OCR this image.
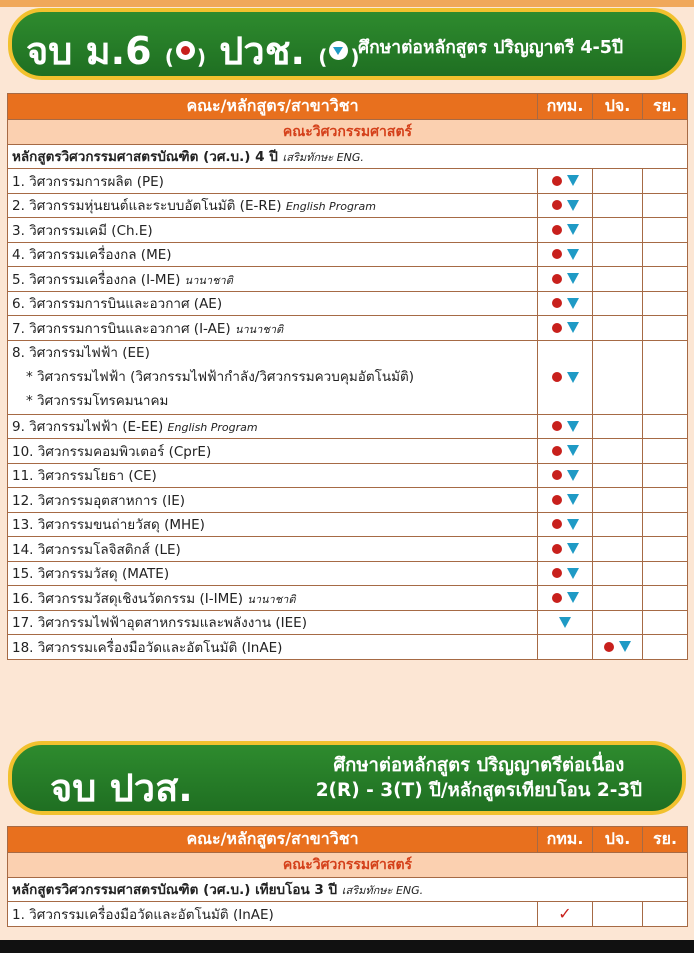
จบ ม.6 ( ) ปวช. ( )
ศึกษาต่อหลักสูตร ปริญญาตรี 4-5ปี
คณะ/หลักสูตร/สาขาวิชา	กทม.	ปจ.	รย.
คณะวิศวกรรมศาสตร์			
หลักสูตรวิศวกรรมศาสตรบัณฑิต (วศ.บ.) 4 ปี เสริมทักษะ ENG.			
1. วิศวกรรมการผลิต (PE)			
2. วิศวกรรมหุ่นยนต์และระบบอัตโนมัติ (E-RE) English Program			
3. วิศวกรรมเคมี (Ch.E)			
4. วิศวกรรมเครื่องกล (ME)			
5. วิศวกรรมเครื่องกล (I-ME) นานาชาติ			
6. วิศวกรรมการบินและอวกาศ (AE)			
7. วิศวกรรมการบินและอวกาศ (I-AE) นานาชาติ			

8. วิศวกรรมไฟฟ้า (EE)
* วิศวกรรมไฟฟ้า (วิศวกรรมไฟฟ้ากำลัง/วิศวกรรมควบคุมอัตโนมัติ)
* วิศวกรรมโทรคมนาคม			

9. วิศวกรรมไฟฟ้า (E-EE) English Program			
10. วิศวกรรมคอมพิวเตอร์ (CprE)			
11. วิศวกรรมโยธา (CE)			
12. วิศวกรรมอุตสาหการ (IE)			
13. วิศวกรรมขนถ่ายวัสดุ (MHE)			
14. วิศวกรรมโลจิสติกส์ (LE)			
15. วิศวกรรมวัสดุ (MATE)			
16. วิศวกรรมวัสดุเชิงนวัตกรรม (I-IME) นานาชาติ			
17. วิศวกรรมไฟฟ้าอุตสาหกรรมและพลังงาน (IEE)			
18. วิศวกรรมเครื่องมือวัดและอัตโนมัติ (InAE)			
จบ ปวส.
ศึกษาต่อหลักสูตร ปริญญาตรีต่อเนื่อง
2(R) - 3(T) ปี/หลักสูตรเทียบโอน 2-3ปี
คณะ/หลักสูตร/สาขาวิชา	กทม.	ปจ.	รย.
คณะวิศวกรรมศาสตร์			
หลักสูตรวิศวกรรมศาสตรบัณฑิต (วศ.บ.) เทียบโอน 3 ปี เสริมทักษะ ENG.			
1. วิศวกรรมเครื่องมือวัดและอัตโนมัติ (InAE)	✓		
